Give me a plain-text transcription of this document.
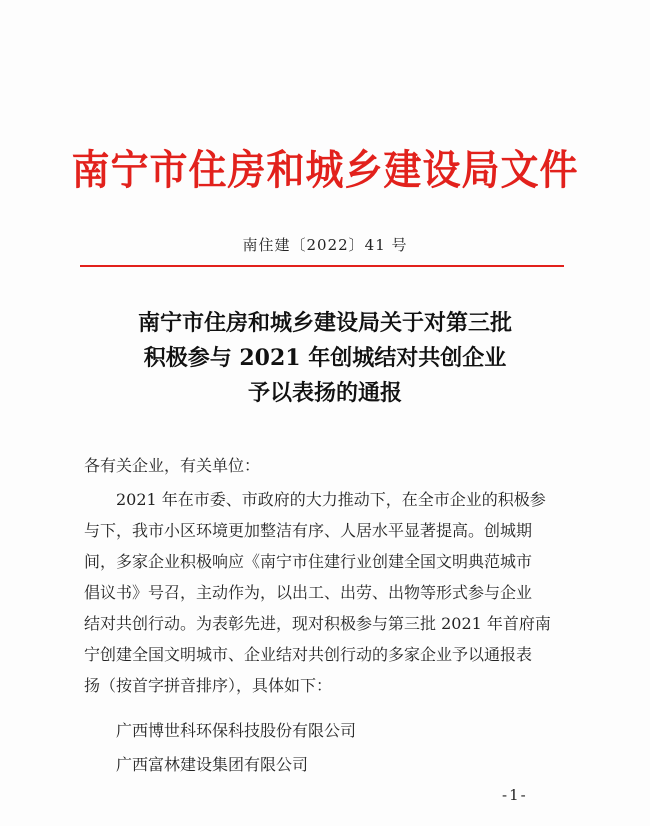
南宁市住房和城乡建设局文件
南住建〔2022〕41 号
南宁市住房和城乡建设局关于对第三批
积极参与 2021 年创城结对共创企业
予以表扬的通报
各有关企业，有关单位：
　　2021 年在市委、市政府的大力推动下，在全市企业的积极参
与下，我市小区环境更加整洁有序、人居水平显著提高。创城期
间，多家企业积极响应《南宁市住建行业创建全国文明典范城市
倡议书》号召，主动作为，以出工、出劳、出物等形式参与企业
结对共创行动。为表彰先进，现对积极参与第三批 2021 年首府南
宁创建全国文明城市、企业结对共创行动的多家企业予以通报表
扬（按首字拼音排序），具体如下：
广西博世科环保科技股份有限公司
广西富林建设集团有限公司
-1-
